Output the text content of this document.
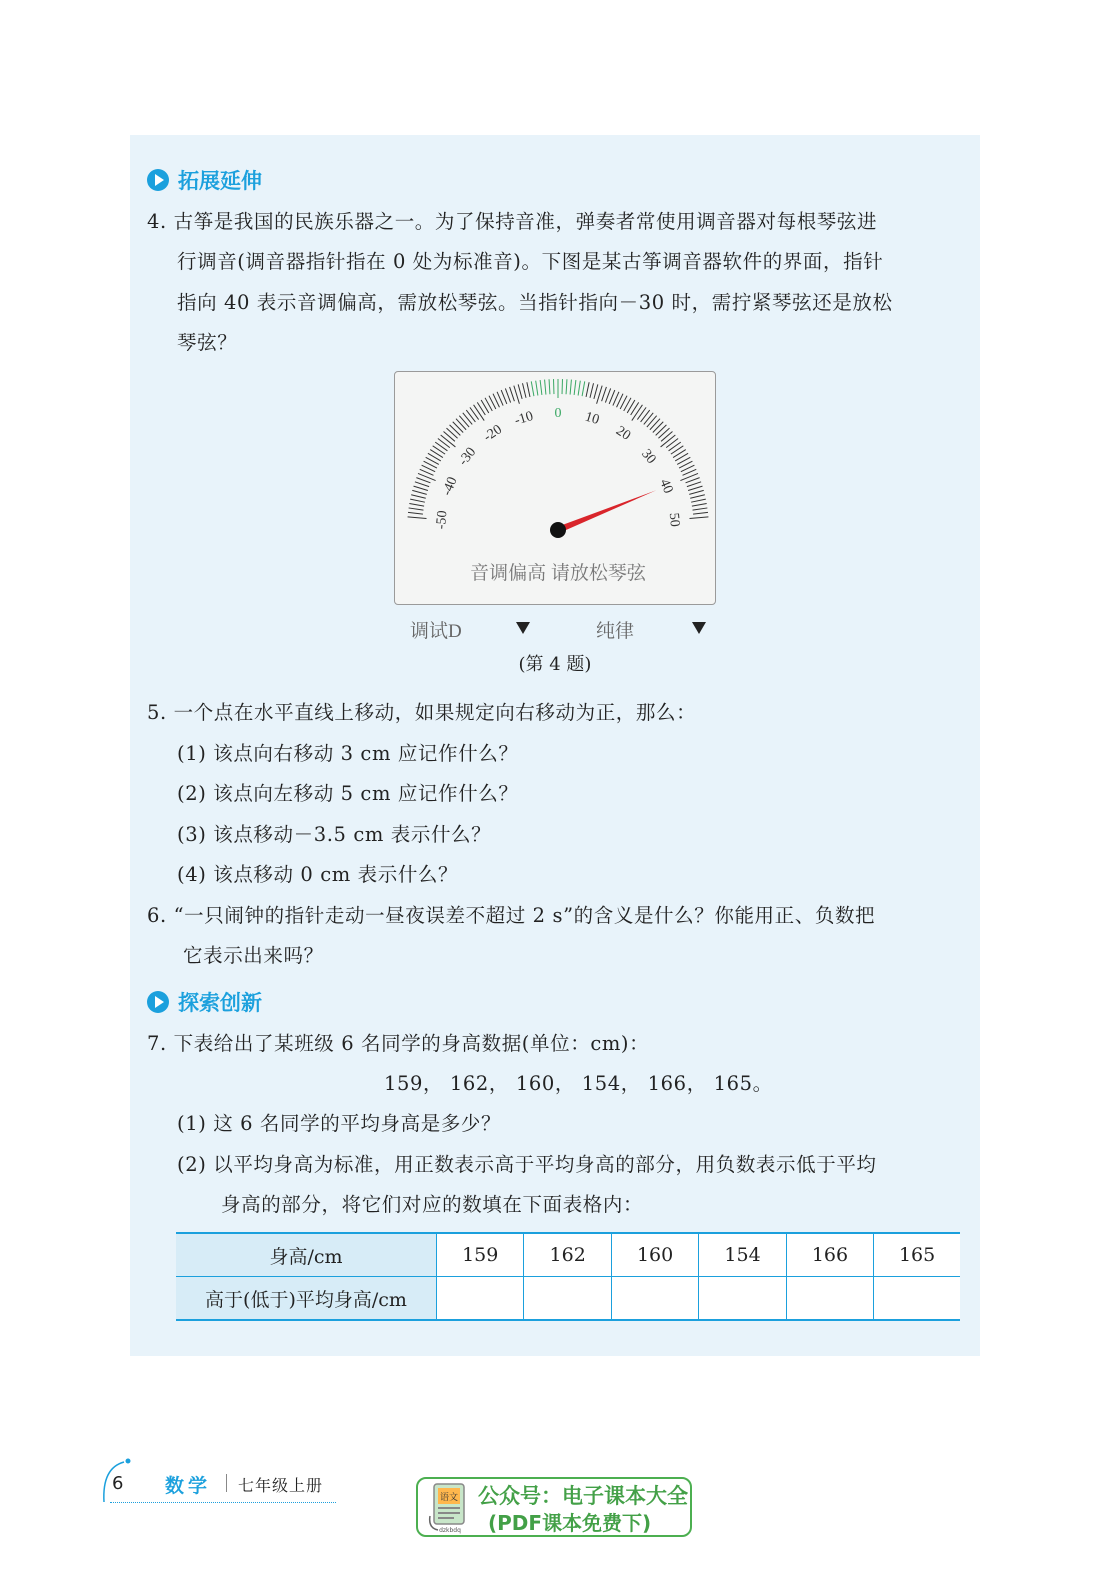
拓展延伸
4. 古筝是我国的民族乐器之一。为了保持音准，弹奏者常使用调音器对每根琴弦进
行调音(调音器指针指在 0 处为标准音)。下图是某古筝调音器软件的界面，指针
指向 40 表示音调偏高，需放松琴弦。当指针指向－30 时，需拧紧琴弦还是放松
琴弦？
-50
-40
-30
-20
-10 0 10
20
30
40
50
音调偏高 请放松琴弦
调试D	纯律
(第 4 题)
5. 一个点在水平直线上移动，如果规定向右移动为正，那么：
(1) 该点向右移动 3 cm 应记作什么？
(2) 该点向左移动 5 cm 应记作什么？
(3) 该点移动－3.5 cm 表示什么？
(4) 该点移动 0 cm 表示什么？
6. “一只闹钟的指针走动一昼夜误差不超过 2 s”的含义是什么？你能用正、负数把
它表示出来吗？
探索创新
7. 下表给出了某班级 6 名同学的身高数据(单位：cm)：
159， 162， 160， 154， 166， 165。
(1) 这 6 名同学的平均身高是多少？
(2) 以平均身高为标准，用正数表示高于平均身高的部分，用负数表示低于平均
身高的部分，将它们对应的数填在下面表格内：
身高/cm	159	162	160	154	166	165
高于(低于)平均身高/cm						
6 数学 七年级上册
语文
dzkbdq
公众号：电子课本大全
(PDF课本免费下)
